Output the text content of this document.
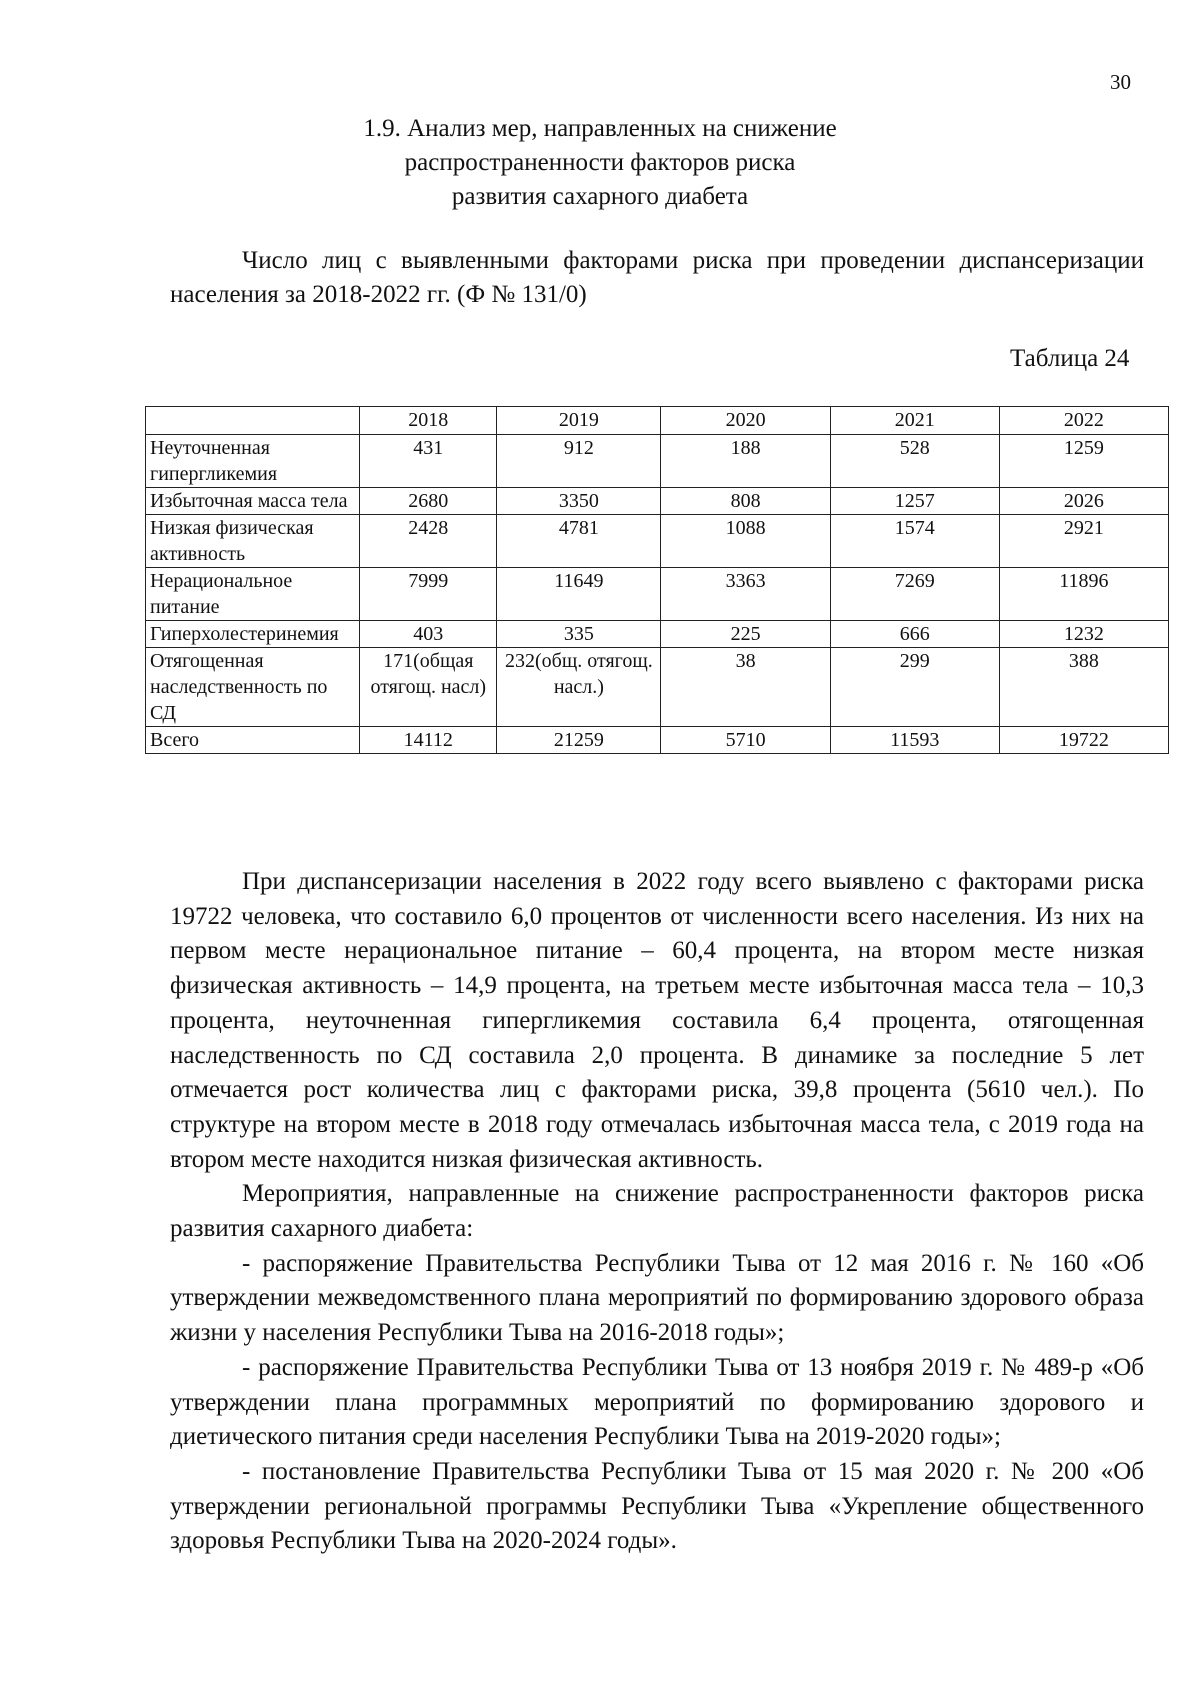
30
1.9. Анализ мер, направленных на снижение
распространенности факторов риска
развития сахарного диабета
Число лиц с выявленными факторами риска при проведении диспансеризации населения за 2018-2022 гг. (Ф № 131/0)
Таблица 24
	2018	2019	2020	2021	2022
Неуточненная гипергликемия	431	912	188	528	1259
Избыточная масса тела	2680	3350	808	1257	2026
Низкая физическая активность	2428	4781	1088	1574	2921
Нерациональное питание	7999	11649	3363	7269	11896
Гиперхолестеринемия	403	335	225	666	1232
Отягощенная наследственность по СД	171(общая отягощ. насл)	232(общ. отягощ. насл.)	38	299	388
Всего	14112	21259	5710	11593	19722

При диспансеризации населения в 2022 году всего выявлено с факторами риска 19722 человека, что составило 6,0 процентов от численности всего населения. Из них на первом месте нерациональное питание – 60,4 процента, на втором месте низкая физическая активность – 14,9 процента, на третьем месте избыточная масса тела – 10,3 процента, неуточненная гипергликемия составила 6,4 процента, отягощенная наследственность по СД составила 2,0 процента. В динамике за последние 5 лет отмечается рост количества лиц с факторами риска, 39,8 процента (5610 чел.). По структуре на втором месте в 2018 году отмечалась избыточная масса тела, с 2019 года на втором месте находится низкая физическая активность.

Мероприятия, направленные на снижение распространенности факторов риска развития сахарного диабета:

- распоряжение Правительства Республики Тыва от 12 мая 2016 г. № 160 «Об утверждении межведомственного плана мероприятий по формированию здорового образа жизни у населения Республики Тыва на 2016-2018 годы»;

- распоряжение Правительства Республики Тыва от 13 ноября 2019 г. № 489-р «Об утверждении плана программных мероприятий по формированию здорового и диетического питания среди населения Республики Тыва на 2019-2020 годы»;

- постановление Правительства Республики Тыва от 15 мая 2020 г. № 200 «Об утверждении региональной программы Республики Тыва «Укрепление общественного здоровья Республики Тыва на 2020-2024 годы».
